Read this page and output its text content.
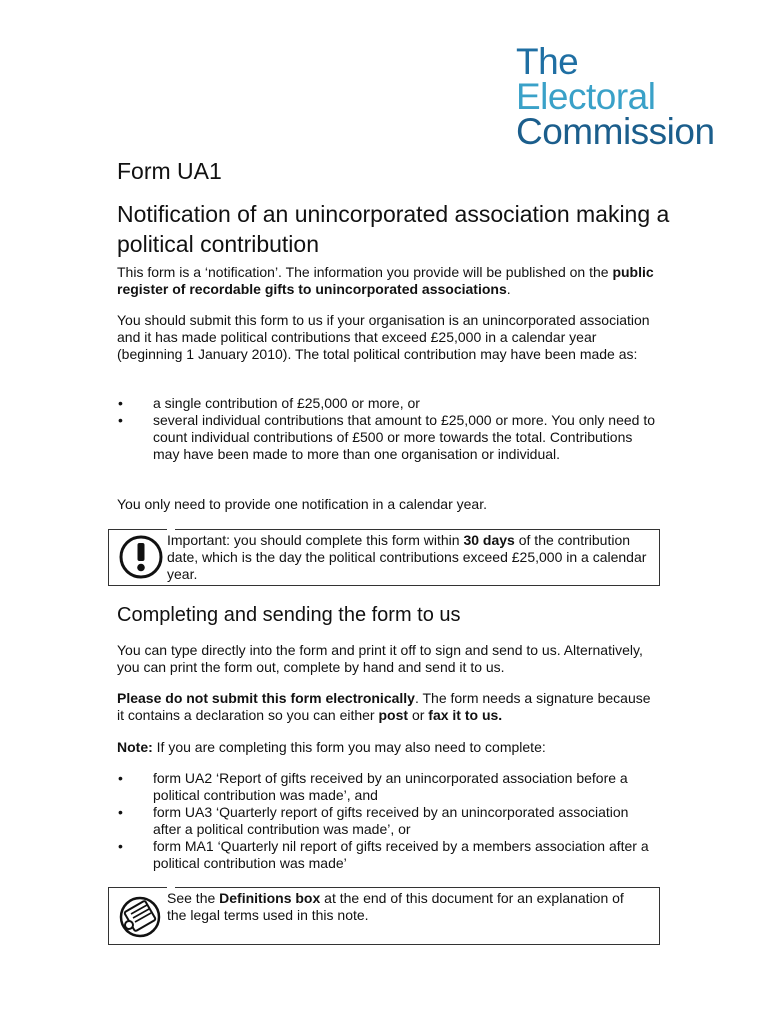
The
Electoral
Commission
Form UA1
Notification of an unincorporated association making a political contribution

This form is a ‘notification’. The information you provide will be published on the public register of recordable gifts to unincorporated associations.

You should submit this form to us if your organisation is an unincorporated association and it has made political contributions that exceed £25,000 in a calendar year (beginning 1 January 2010). The total political contribution may have been made as:

• a single contribution of £25,000 or more, or
• several individual contributions that amount to £25,000 or more. You only need to count individual contributions of £500 or more towards the total. Contributions may have been made to more than one organisation or individual.

You only need to provide one notification in a calendar year.

Important: you should complete this form within 30 days of the contribution date, which is the day the political contributions exceed £25,000 in a calendar year.

Completing and sending the form to us

You can type directly into the form and print it off to sign and send to us. Alternatively, you can print the form out, complete by hand and send it to us.

Please do not submit this form electronically. The form needs a signature because it contains a declaration so you can either post or fax it to us.

Note: If you are completing this form you may also need to complete:

• form UA2 ‘Report of gifts received by an unincorporated association before a political contribution was made’, and
• form UA3 ‘Quarterly report of gifts received by an unincorporated association after a political contribution was made’, or
• form MA1 ‘Quarterly nil report of gifts received by a members association after a political contribution was made’

See the Definitions box at the end of this document for an explanation of the legal terms used in this note.
